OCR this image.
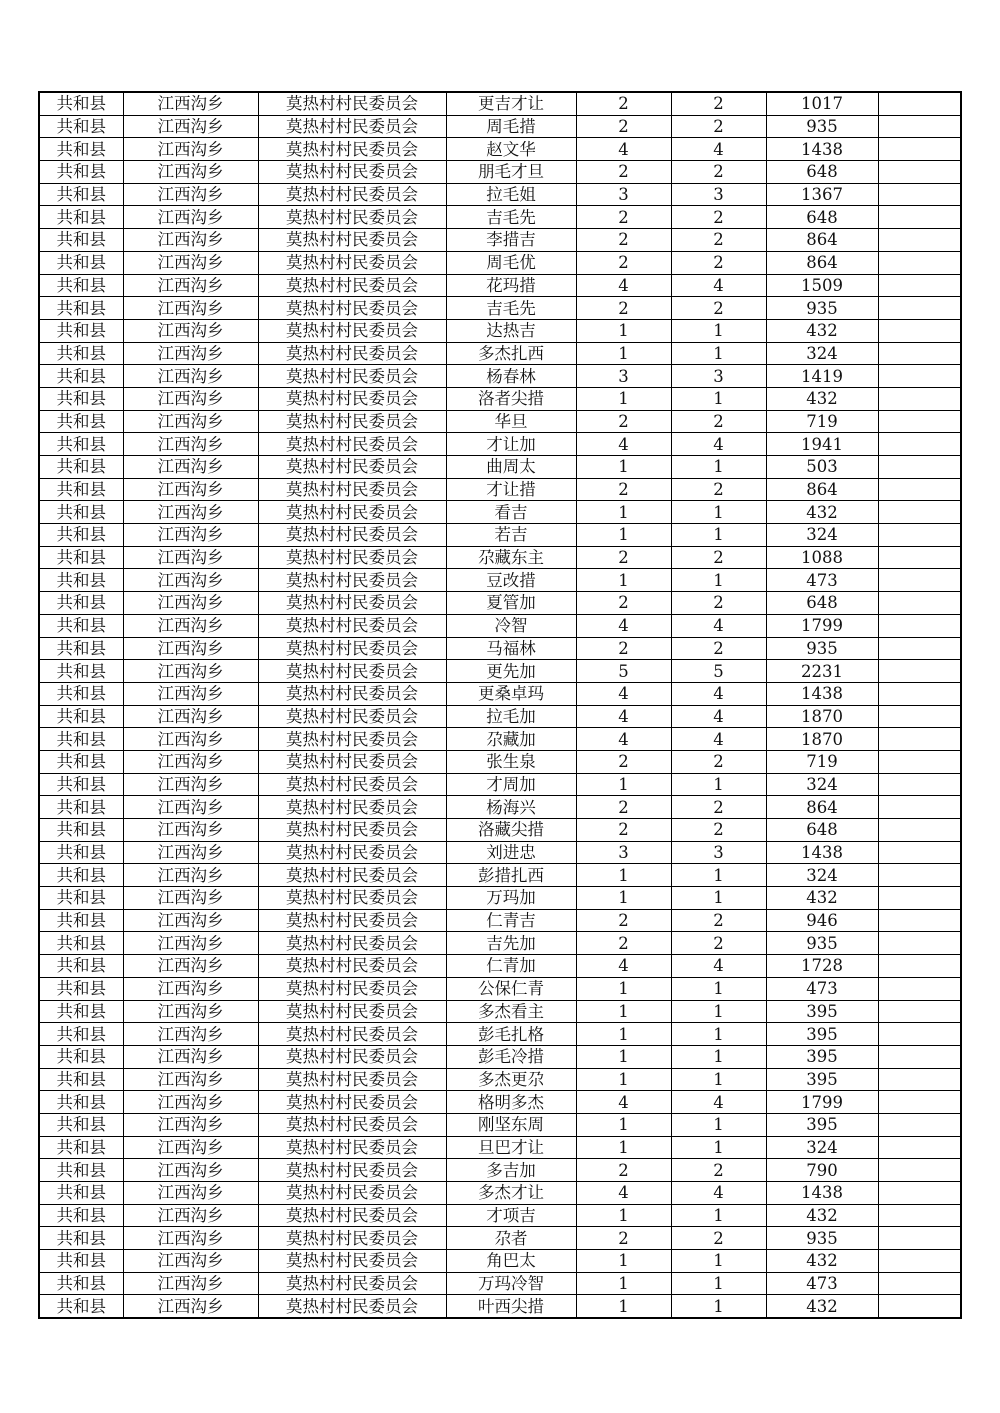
共和县	江西沟乡	莫热村村民委员会	更吉才让	2	2	1017	
共和县	江西沟乡	莫热村村民委员会	周毛措	2	2	935	
共和县	江西沟乡	莫热村村民委员会	赵文华	4	4	1438	
共和县	江西沟乡	莫热村村民委员会	朋毛才旦	2	2	648	
共和县	江西沟乡	莫热村村民委员会	拉毛姐	3	3	1367	
共和县	江西沟乡	莫热村村民委员会	吉毛先	2	2	648	
共和县	江西沟乡	莫热村村民委员会	李措吉	2	2	864	
共和县	江西沟乡	莫热村村民委员会	周毛优	2	2	864	
共和县	江西沟乡	莫热村村民委员会	花玛措	4	4	1509	
共和县	江西沟乡	莫热村村民委员会	吉毛先	2	2	935	
共和县	江西沟乡	莫热村村民委员会	达热吉	1	1	432	
共和县	江西沟乡	莫热村村民委员会	多杰扎西	1	1	324	
共和县	江西沟乡	莫热村村民委员会	杨春林	3	3	1419	
共和县	江西沟乡	莫热村村民委员会	洛者尖措	1	1	432	
共和县	江西沟乡	莫热村村民委员会	华旦	2	2	719	
共和县	江西沟乡	莫热村村民委员会	才让加	4	4	1941	
共和县	江西沟乡	莫热村村民委员会	曲周太	1	1	503	
共和县	江西沟乡	莫热村村民委员会	才让措	2	2	864	
共和县	江西沟乡	莫热村村民委员会	看吉	1	1	432	
共和县	江西沟乡	莫热村村民委员会	若吉	1	1	324	
共和县	江西沟乡	莫热村村民委员会	尕藏东主	2	2	1088	
共和县	江西沟乡	莫热村村民委员会	豆改措	1	1	473	
共和县	江西沟乡	莫热村村民委员会	夏管加	2	2	648	
共和县	江西沟乡	莫热村村民委员会	冷智	4	4	1799	
共和县	江西沟乡	莫热村村民委员会	马福林	2	2	935	
共和县	江西沟乡	莫热村村民委员会	更先加	5	5	2231	
共和县	江西沟乡	莫热村村民委员会	更桑卓玛	4	4	1438	
共和县	江西沟乡	莫热村村民委员会	拉毛加	4	4	1870	
共和县	江西沟乡	莫热村村民委员会	尕藏加	4	4	1870	
共和县	江西沟乡	莫热村村民委员会	张生泉	2	2	719	
共和县	江西沟乡	莫热村村民委员会	才周加	1	1	324	
共和县	江西沟乡	莫热村村民委员会	杨海兴	2	2	864	
共和县	江西沟乡	莫热村村民委员会	洛藏尖措	2	2	648	
共和县	江西沟乡	莫热村村民委员会	刘进忠	3	3	1438	
共和县	江西沟乡	莫热村村民委员会	彭措扎西	1	1	324	
共和县	江西沟乡	莫热村村民委员会	万玛加	1	1	432	
共和县	江西沟乡	莫热村村民委员会	仁青吉	2	2	946	
共和县	江西沟乡	莫热村村民委员会	吉先加	2	2	935	
共和县	江西沟乡	莫热村村民委员会	仁青加	4	4	1728	
共和县	江西沟乡	莫热村村民委员会	公保仁青	1	1	473	
共和县	江西沟乡	莫热村村民委员会	多杰看主	1	1	395	
共和县	江西沟乡	莫热村村民委员会	彭毛扎格	1	1	395	
共和县	江西沟乡	莫热村村民委员会	彭毛冷措	1	1	395	
共和县	江西沟乡	莫热村村民委员会	多杰更尕	1	1	395	
共和县	江西沟乡	莫热村村民委员会	格明多杰	4	4	1799	
共和县	江西沟乡	莫热村村民委员会	刚坚东周	1	1	395	
共和县	江西沟乡	莫热村村民委员会	旦巴才让	1	1	324	
共和县	江西沟乡	莫热村村民委员会	多吉加	2	2	790	
共和县	江西沟乡	莫热村村民委员会	多杰才让	4	4	1438	
共和县	江西沟乡	莫热村村民委员会	才项吉	1	1	432	
共和县	江西沟乡	莫热村村民委员会	尕者	2	2	935	
共和县	江西沟乡	莫热村村民委员会	角巴太	1	1	432	
共和县	江西沟乡	莫热村村民委员会	万玛冷智	1	1	473	
共和县	江西沟乡	莫热村村民委员会	叶西尖措	1	1	432	
